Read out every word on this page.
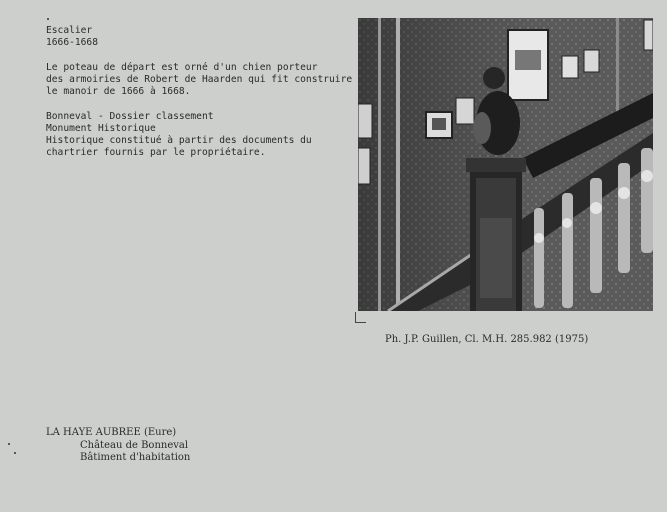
Escalier
1666-1668
Le poteau de départ est orné d'un chien porteur
des armoiries de Robert de Haarden qui fit construire
le manoir de 1666 à 1668.
Bonneval - Dossier classement
Monument Historique
Historique constitué à partir des documents du
chartrier fournis par le propriétaire.
Ph. J.P. Guillen, Cl. M.H. 285.982 (1975)
LA HAYE AUBREE (Eure)
Château de Bonneval
Bâtiment d'habitation
